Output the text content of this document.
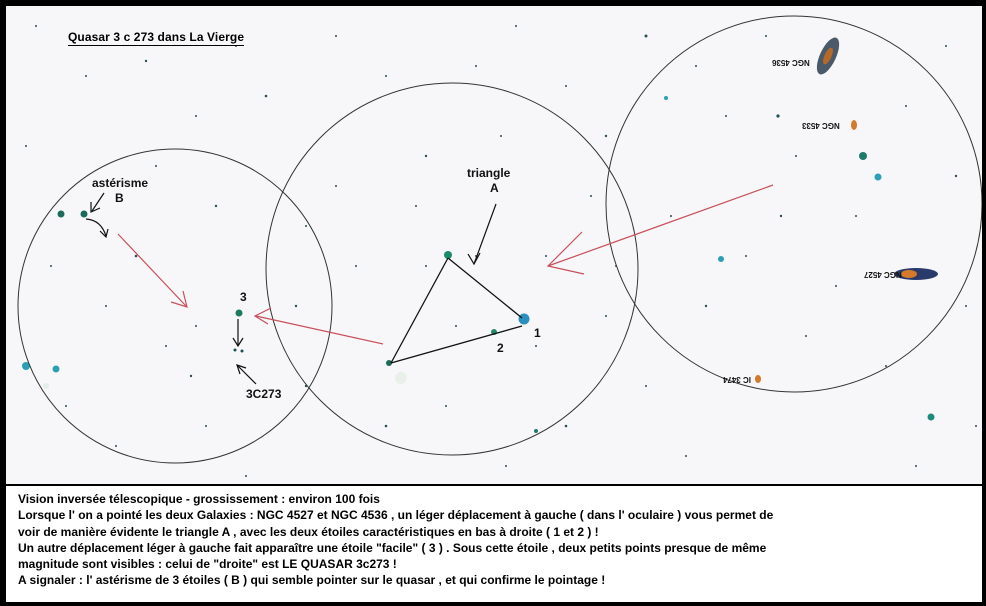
Quasar 3 c 273 dans La Vierge
astérisme
B
triangle
A
1
2
3
3C273
NGC 4536
NGC 4533
NGC 4527
IC 3474

Vision inversée télescopique - grossissement : environ 100 fois

Lorsque l' on a pointé les deux Galaxies : NGC 4527 et NGC 4536 , un léger déplacement à gauche ( dans l' oculaire ) vous permet de

voir de manière évidente le triangle A , avec les deux étoiles caractéristiques en bas à droite ( 1 et 2 ) !

Un autre déplacement léger à gauche fait apparaître une étoile "facile" ( 3 ) . Sous cette étoile , deux petits points presque de même

magnitude sont visibles : celui de "droite" est LE QUASAR 3c273 !

A signaler : l' astérisme de 3 étoiles ( B ) qui semble pointer sur le quasar , et qui confirme le pointage !
